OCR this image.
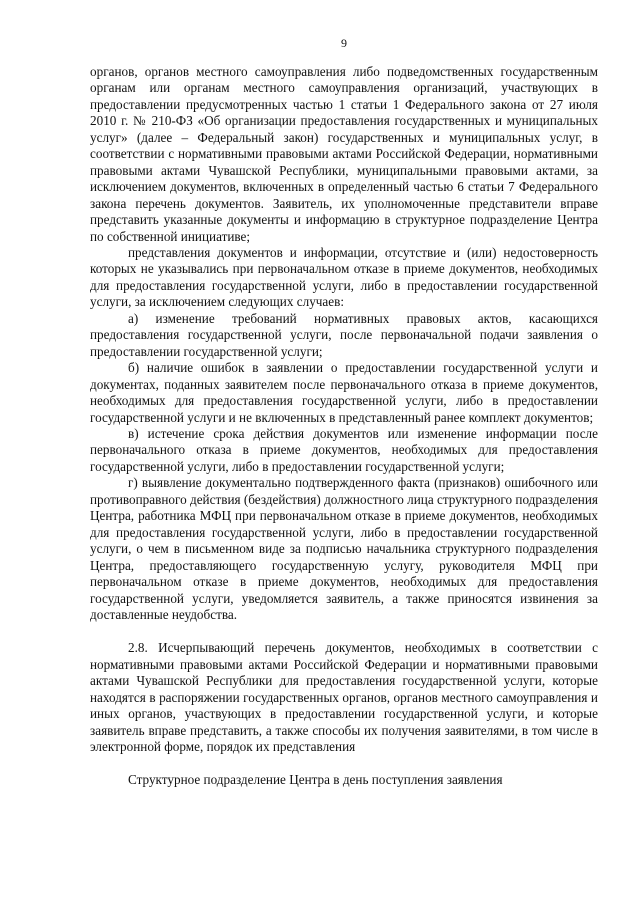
9

органов, органов местного самоуправления либо подведомственных государственным органам или органам местного самоуправления организаций, участвующих в предоставлении предусмотренных частью 1 статьи 1 Федерального закона от 27 июля 2010 г. № 210-ФЗ «Об организации предоставления государственных и муниципальных услуг» (далее – Федеральный закон) государственных и муниципальных услуг, в соответствии с нормативными правовыми актами Российской Федерации, нормативными правовыми актами Чувашской Республики, муниципальными правовыми актами, за исключением документов, включенных в определенный частью 6 статьи 7 Федерального закона перечень документов. Заявитель, их уполномоченные представители вправе представить указанные документы и информацию в структурное подразделение Центра по собственной инициативе;

представления документов и информации, отсутствие и (или) недостоверность которых не указывались при первоначальном отказе в приеме документов, необходимых для предоставления государственной услуги, либо в предоставлении государственной услуги, за исключением следующих случаев:

а) изменение требований нормативных правовых актов, касающихся предоставления государственной услуги, после первоначальной подачи заявления о предоставлении государственной услуги;

б) наличие ошибок в заявлении о предоставлении государственной услуги и документах, поданных заявителем после первоначального отказа в приеме документов, необходимых для предоставления государственной услуги, либо в предоставлении государственной услуги и не включенных в представленный ранее комплект документов;

в) истечение срока действия документов или изменение информации после первоначального отказа в приеме документов, необходимых для предоставления государственной услуги, либо в предоставлении государственной услуги;

г) выявление документально подтвержденного факта (признаков) ошибочного или противоправного действия (бездействия) должностного лица структурного подразделения Центра, работника МФЦ при первоначальном отказе в приеме документов, необходимых для предоставления государственной услуги, либо в предоставлении государственной услуги, о чем в письменном виде за подписью начальника структурного подразделения Центра, предоставляющего государственную услугу, руководителя МФЦ при первоначальном отказе в приеме документов, необходимых для предоставления государственной услуги, уведомляется заявитель, а также приносятся извинения за доставленные неудобства.

2.8. Исчерпывающий перечень документов, необходимых в соответствии с нормативными правовыми актами Российской Федерации и нормативными правовыми актами Чувашской Республики для предоставления государственной услуги, которые находятся в распоряжении государственных органов, органов местного самоуправления и иных органов, участвующих в предоставлении государственной услуги, и которые заявитель вправе представить, а также способы их получения заявителями, в том числе в электронной форме, порядок их представления

Структурное подразделение Центра в день поступления заявления
